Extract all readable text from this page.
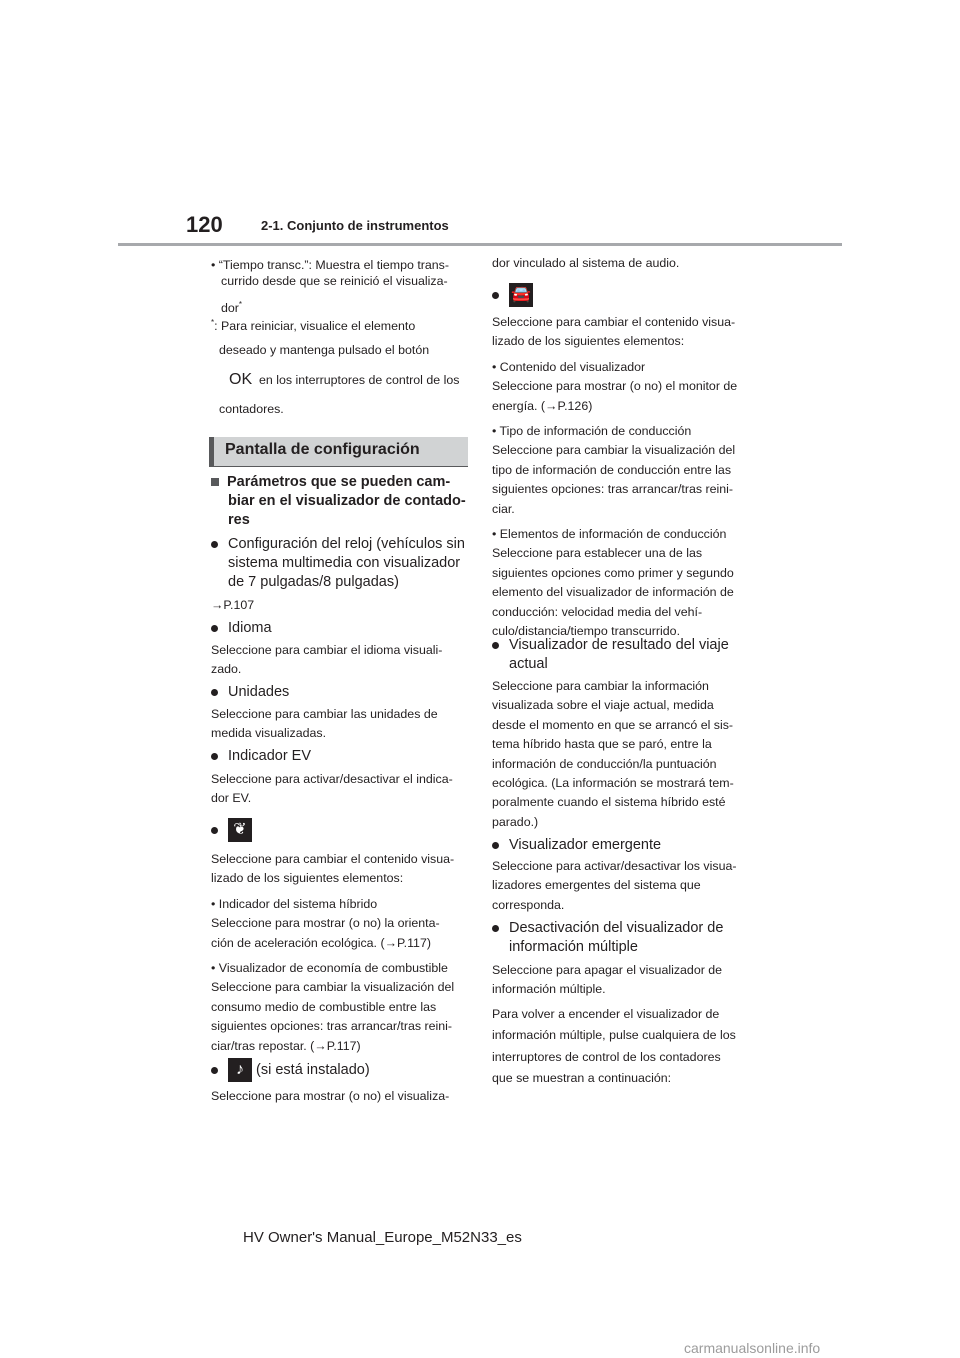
120	2-1. Conjunto de instrumentos
• “Tiempo transc.”: Muestra el tiempo trans-
currido desde que se reinició el visualiza-
dor*
*: Para reiniciar, visualice el elemento
deseado y mantenga pulsado el botón
OK en los interruptores de control de los
contadores.
Pantalla de configuración
Parámetros que se pueden cam-
biar en el visualizador de contado-
res
Configuración del reloj (vehículos sin
sistema multimedia con visualizador
de 7 pulgadas/8 pulgadas)
→P.107
Idioma
Seleccione para cambiar el idioma visuali-
zado.
Unidades
Seleccione para cambiar las unidades de
medida visualizadas.
Indicador EV
Seleccione para activar/desactivar el indica-
dor EV.
❦
Seleccione para cambiar el contenido visua-
lizado de los siguientes elementos:
• Indicador del sistema híbrido
Seleccione para mostrar (o no) la orienta-
ción de aceleración ecológica. (→P.117)
• Visualizador de economía de combustible
Seleccione para cambiar la visualización del
consumo medio de combustible entre las
siguientes opciones: tras arrancar/tras reini-
ciar/tras repostar. (→P.117)
♪ (si está instalado)
Seleccione para mostrar (o no) el visualiza-
dor vinculado al sistema de audio.
🚘
Seleccione para cambiar el contenido visua-
lizado de los siguientes elementos:
• Contenido del visualizador
Seleccione para mostrar (o no) el monitor de
energía. (→P.126)
• Tipo de información de conducción
Seleccione para cambiar la visualización del
tipo de información de conducción entre las
siguientes opciones: tras arrancar/tras reini-
ciar.
• Elementos de información de conducción
Seleccione para establecer una de las
siguientes opciones como primer y segundo
elemento del visualizador de información de
conducción: velocidad media del vehí-
culo/distancia/tiempo transcurrido.
Visualizador de resultado del viaje
actual
Seleccione para cambiar la información
visualizada sobre el viaje actual, medida
desde el momento en que se arrancó el sis-
tema híbrido hasta que se paró, entre la
información de conducción/la puntuación
ecológica. (La información se mostrará tem-
poralmente cuando el sistema híbrido esté
parado.)
Visualizador emergente
Seleccione para activar/desactivar los visua-
lizadores emergentes del sistema que
corresponda.
Desactivación del visualizador de
información múltiple
Seleccione para apagar el visualizador de
información múltiple.
Para volver a encender el visualizador de
información múltiple, pulse cualquiera de los
interruptores de control de los contadores
que se muestran a continuación:
HV Owner's Manual_Europe_M52N33_es
carmanualsonline.info
